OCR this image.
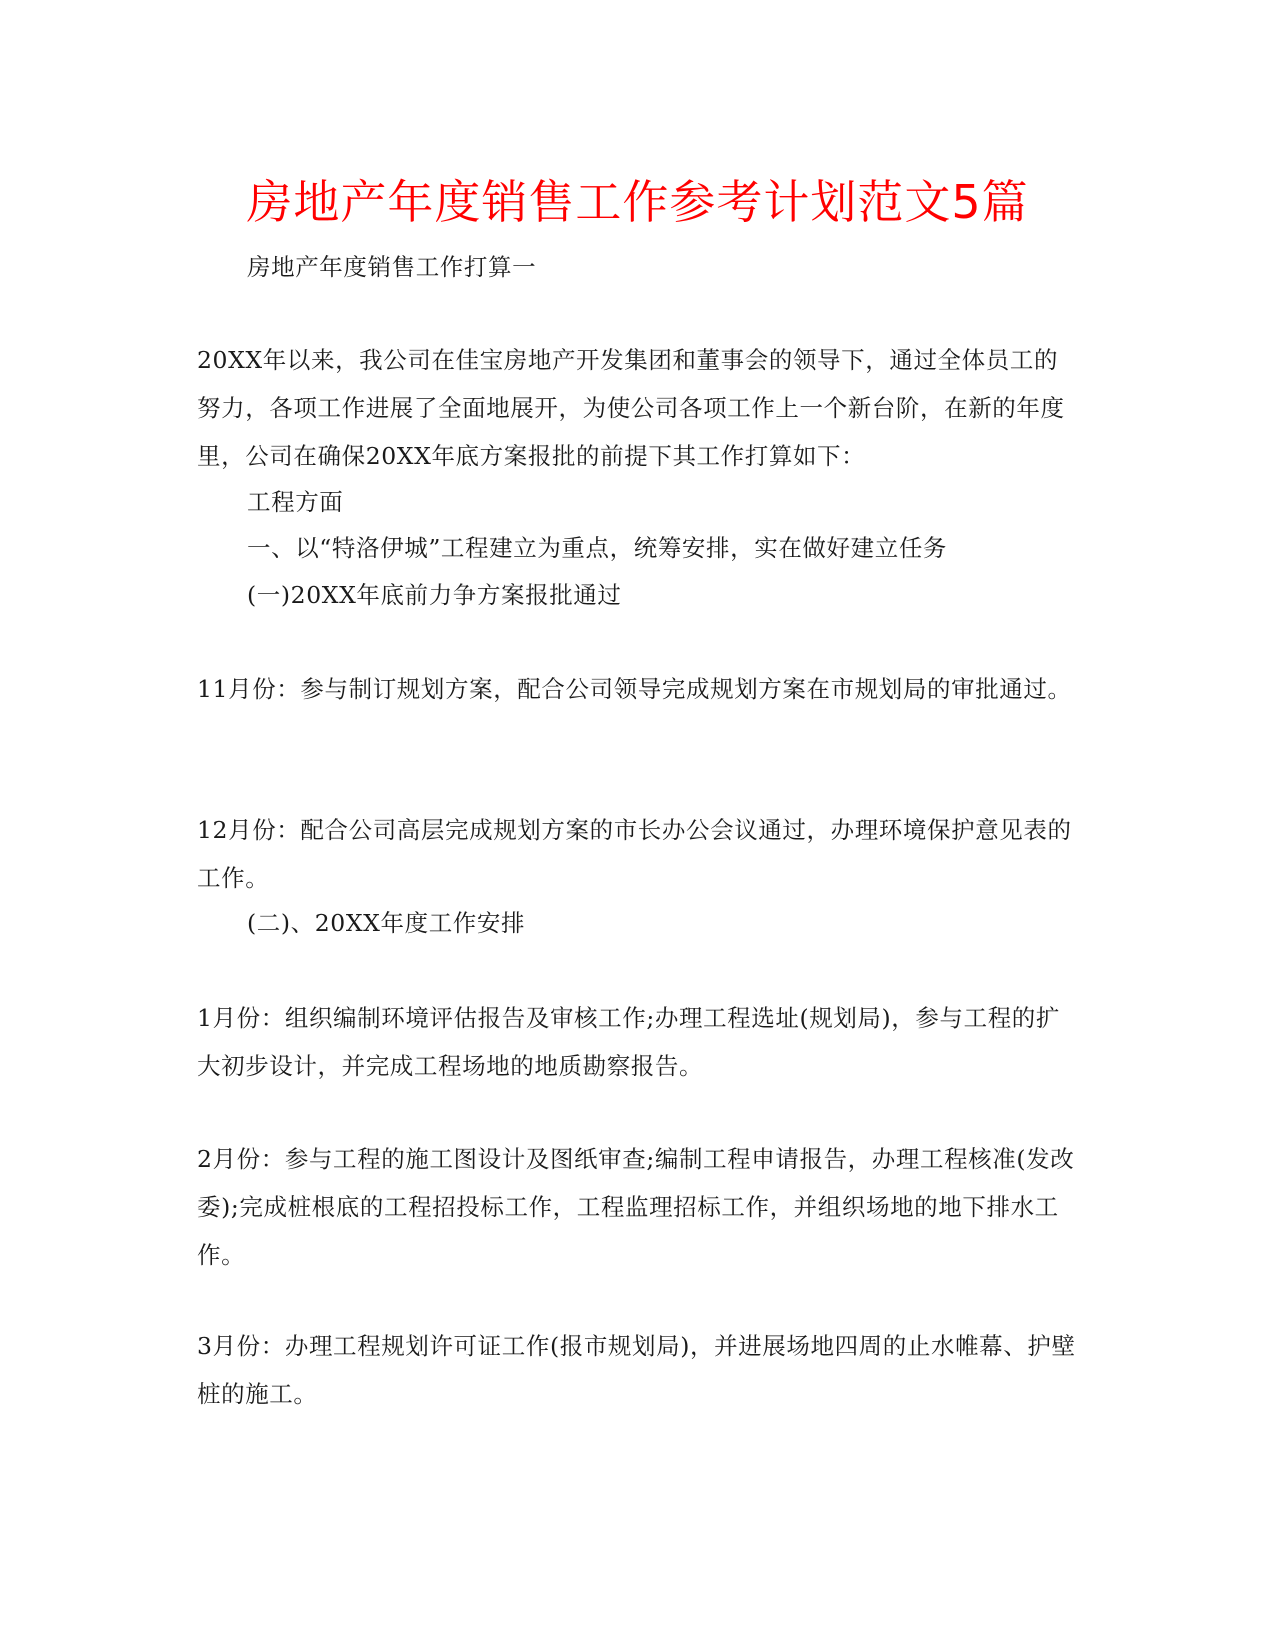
房地产年度销售工作参考计划范文5篇

房地产年度销售工作打算一

20XX年以来，我公司在佳宝房地产开发集团和董事会的领导下，通过全体员工的努力，各项工作进展了全面地展开，为使公司各项工作上一个新台阶，在新的年度里，公司在确保20XX年底方案报批的前提下其工作打算如下：

工程方面

一、以“特洛伊城”工程建立为重点，统筹安排，实在做好建立任务

(一)20XX年底前力争方案报批通过

11月份：参与制订规划方案，配合公司领导完成规划方案在市规划局的审批通过。

12月份：配合公司高层完成规划方案的市长办公会议通过，办理环境保护意见表的工作。

(二)、20XX年度工作安排

1月份：组织编制环境评估报告及审核工作;办理工程选址(规划局)，参与工程的扩大初步设计，并完成工程场地的地质勘察报告。

2月份：参与工程的施工图设计及图纸审查;编制工程申请报告，办理工程核准(发改委);完成桩根底的工程招投标工作，工程监理招标工作，并组织场地的地下排水工作。

3月份：办理工程规划许可证工作(报市规划局)，并进展场地四周的止水帷幕、护壁桩的施工。
